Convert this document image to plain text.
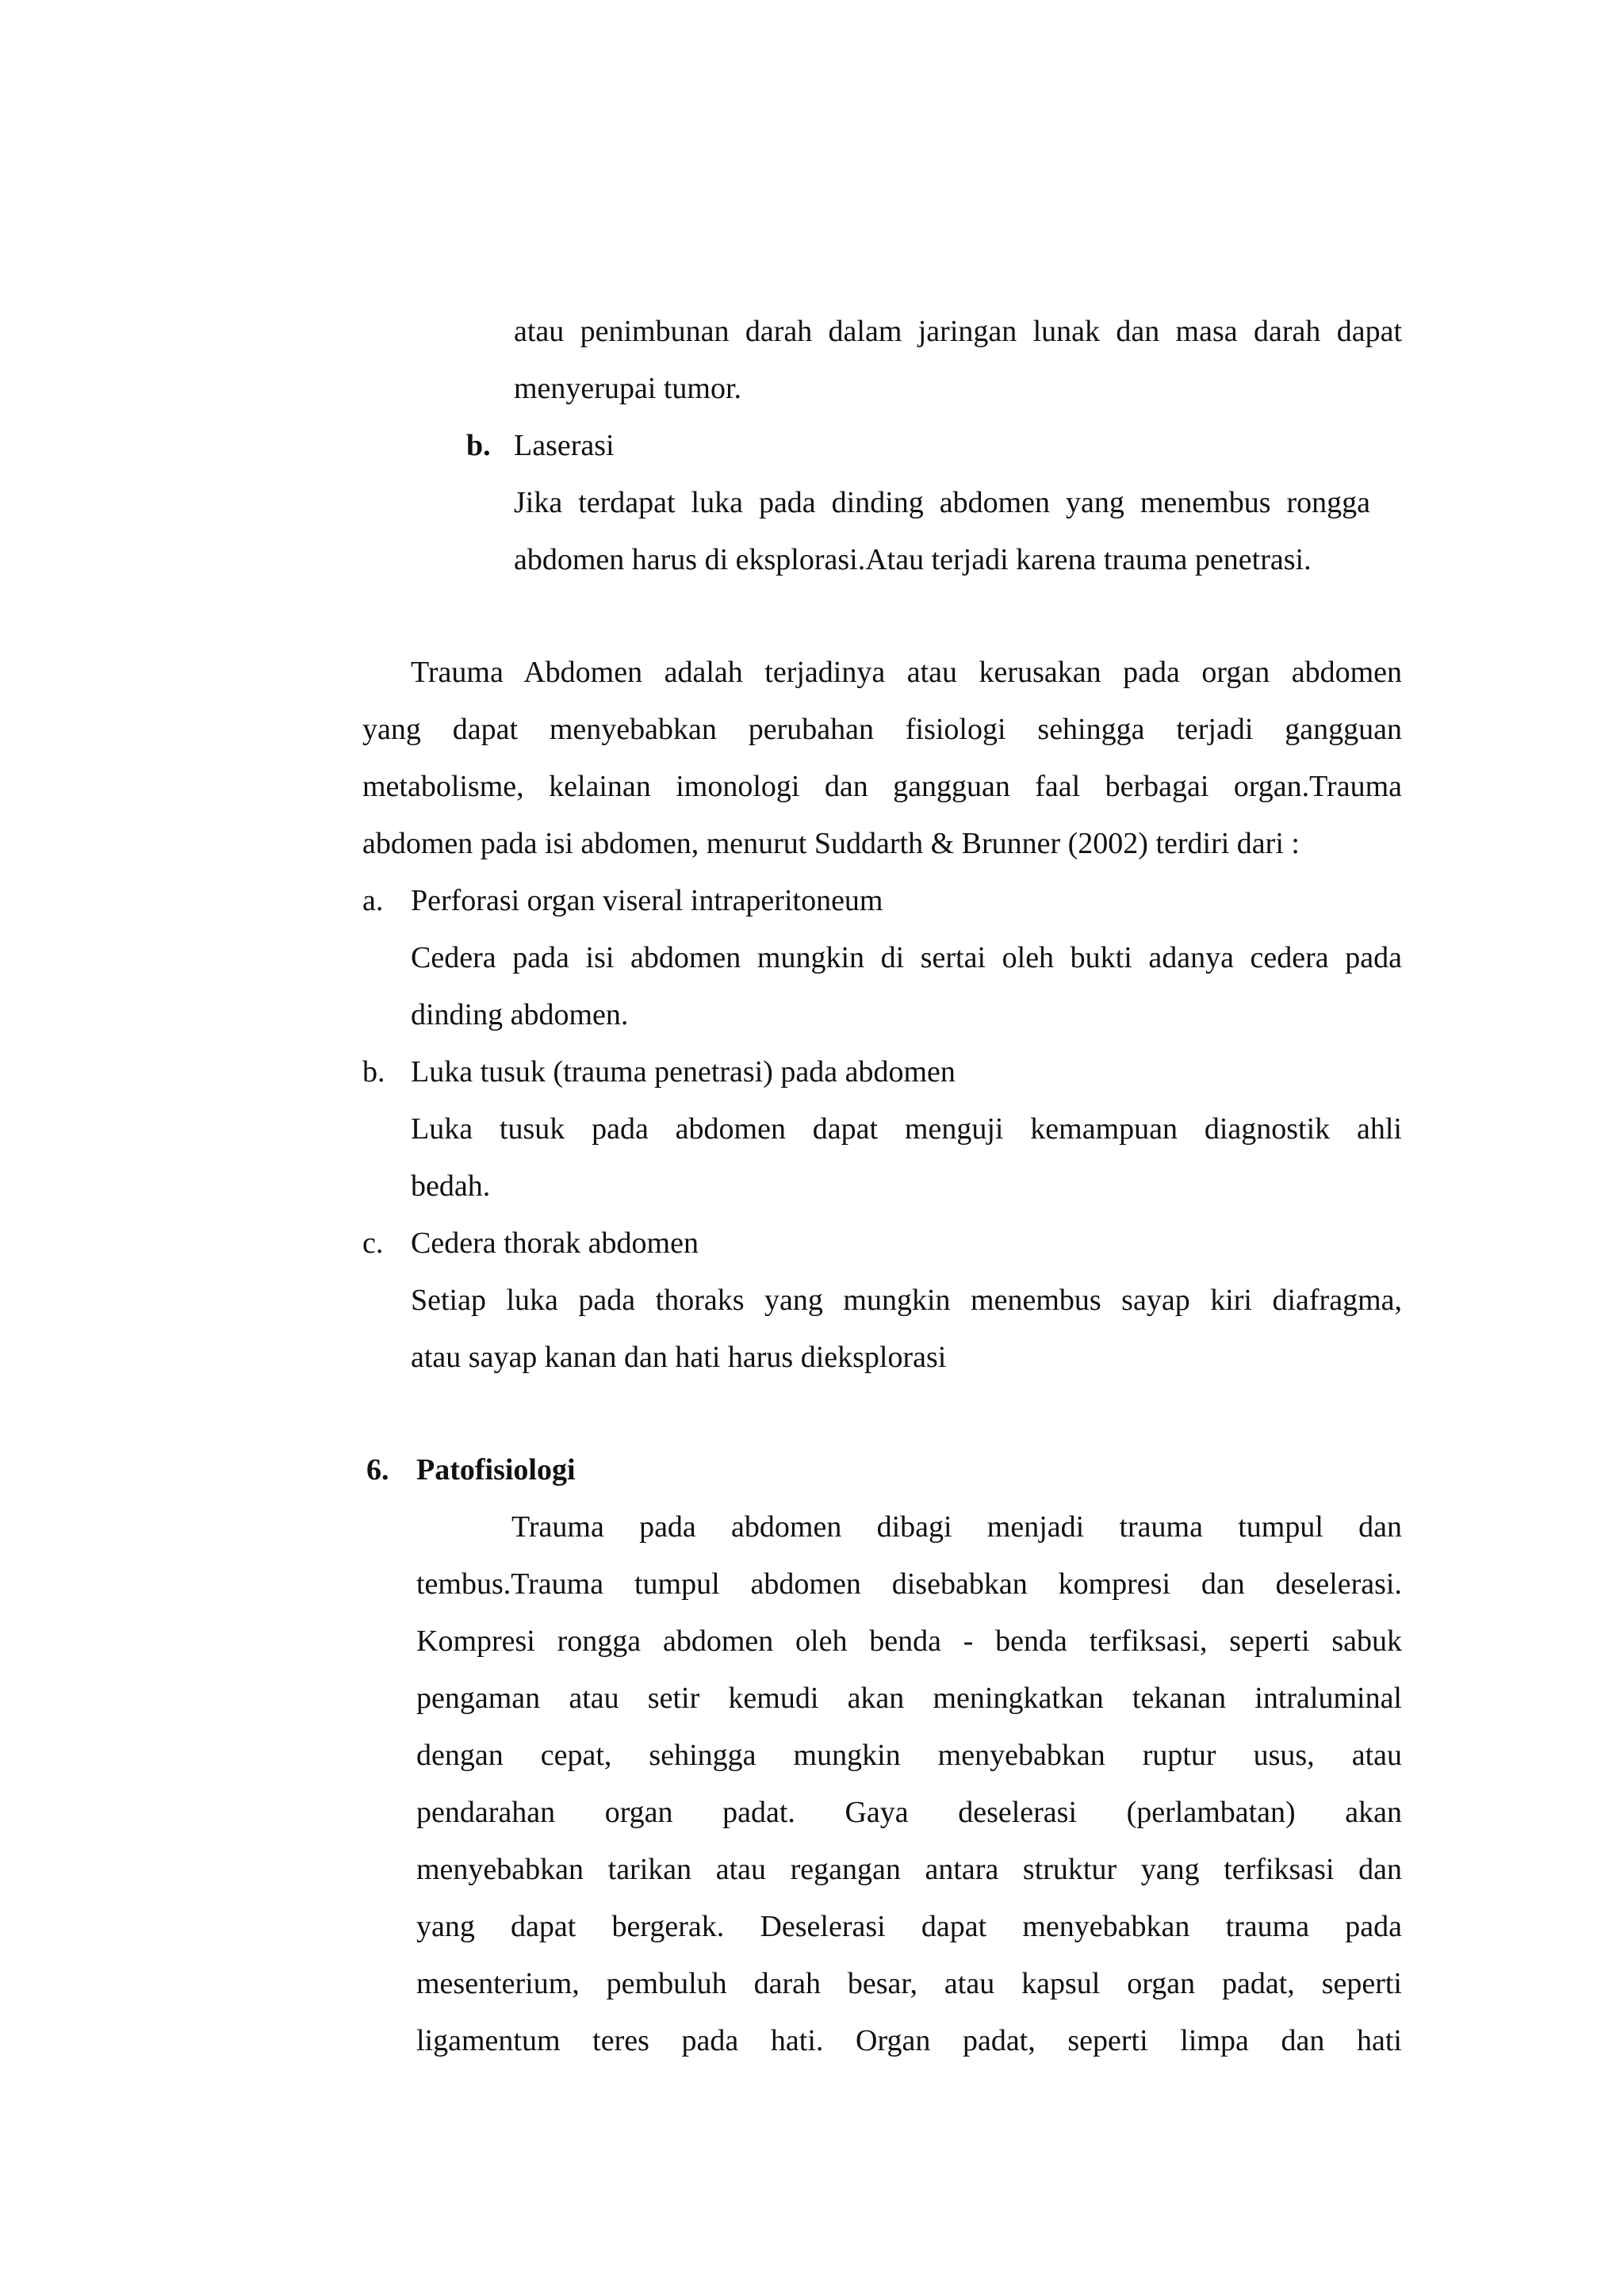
atau penimbunan darah dalam jaringan lunak dan masa darah dapat
menyerupai tumor.
b. Laserasi
Jika terdapat luka pada dinding abdomen yang menembus rongga
abdomen harus di eksplorasi.Atau terjadi karena trauma penetrasi.
Trauma Abdomen adalah terjadinya atau kerusakan pada organ abdomen
yang dapat menyebabkan perubahan fisiologi sehingga terjadi gangguan
metabolisme, kelainan imonologi dan gangguan faal berbagai organ.Trauma
abdomen pada isi abdomen, menurut Suddarth & Brunner (2002) terdiri dari :
a. Perforasi organ viseral intraperitoneum
Cedera pada isi abdomen mungkin di sertai oleh bukti adanya cedera pada
dinding abdomen.
b. Luka tusuk (trauma penetrasi) pada abdomen
Luka tusuk pada abdomen dapat menguji kemampuan diagnostik ahli
bedah.
c. Cedera thorak abdomen
Setiap luka pada thoraks yang mungkin menembus sayap kiri diafragma,
atau sayap kanan dan hati harus dieksplorasi
6. Patofisiologi
Trauma pada abdomen dibagi menjadi trauma tumpul dan
tembus.Trauma tumpul abdomen disebabkan kompresi dan deselerasi.
Kompresi rongga abdomen oleh benda - benda terfiksasi, seperti sabuk
pengaman atau setir kemudi akan meningkatkan tekanan intraluminal
dengan cepat, sehingga mungkin menyebabkan ruptur usus, atau
pendarahan organ padat. Gaya deselerasi (perlambatan) akan
menyebabkan tarikan atau regangan antara struktur yang terfiksasi dan
yang dapat bergerak. Deselerasi dapat menyebabkan trauma pada
mesenterium, pembuluh darah besar, atau kapsul organ padat, seperti
ligamentum teres pada hati. Organ padat, seperti limpa dan hati
